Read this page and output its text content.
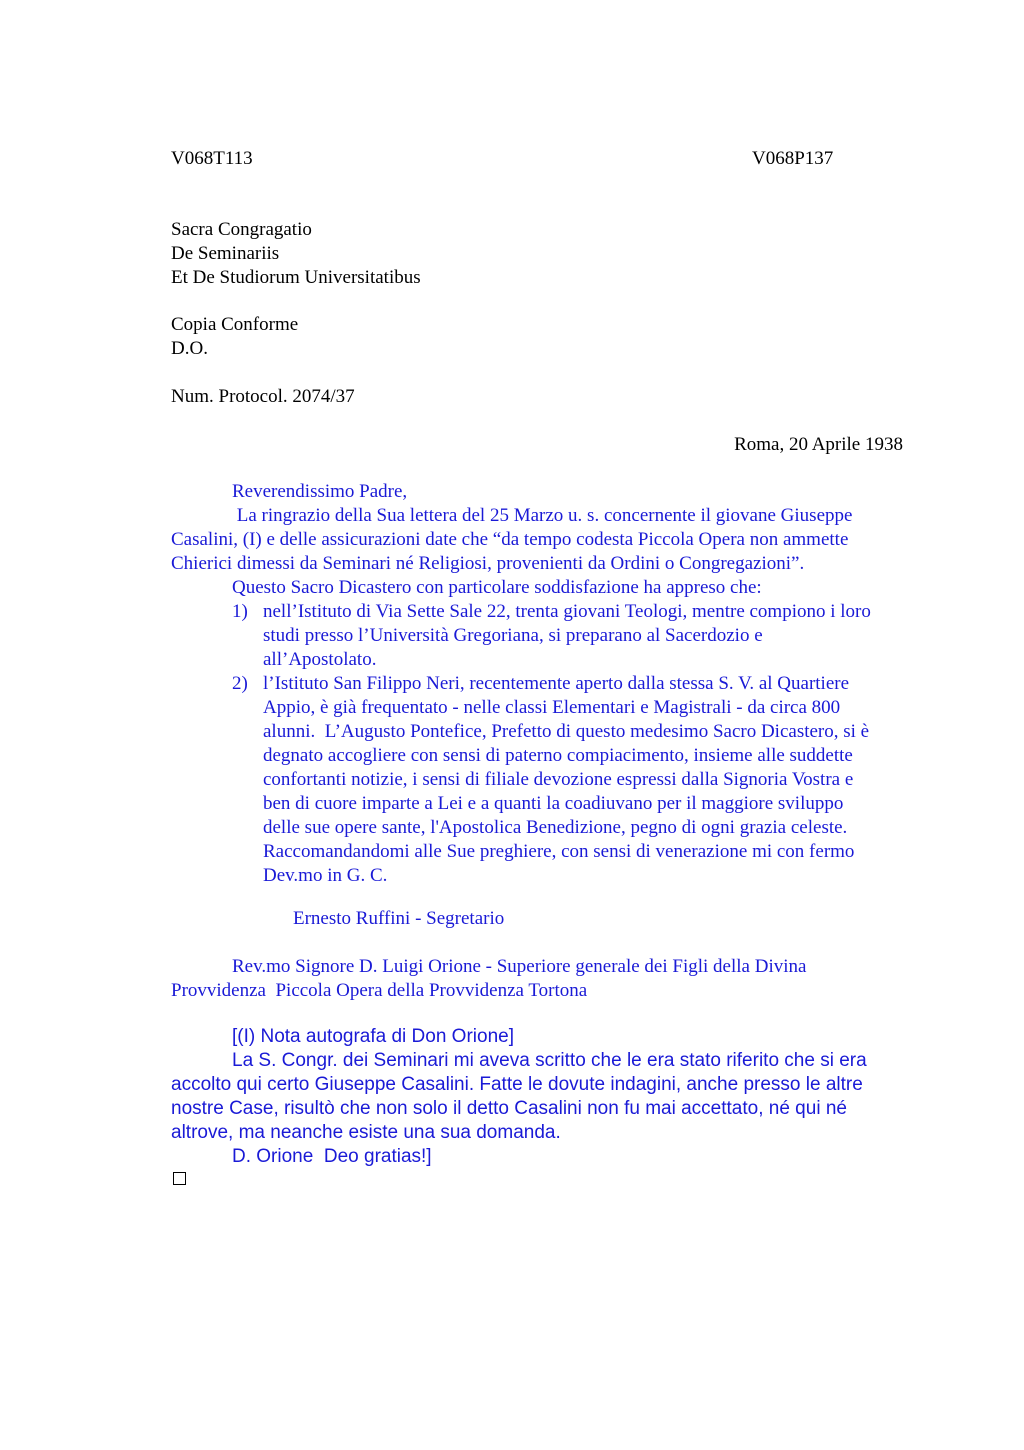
V068T113	V068P137
Sacra Congragatio
De Seminariis
Et De Studiorum Universitatibus
Copia Conforme
D.O.
Num. Protocol. 2074/37
Roma, 20 Aprile 1938
Reverendissimo Padre,
La ringrazio della Sua lettera del 25 Marzo u. s. concernente il giovane Giuseppe
Casalini, (I) e delle assicurazioni date che “da tempo codesta Piccola Opera non ammette
Chierici dimessi da Seminari né Religiosi, provenienti da Ordini o Congregazioni”.
Questo Sacro Dicastero con particolare soddisfazione ha appreso che:
1) nell’Istituto di Via Sette Sale 22, trenta giovani Teologi, mentre compiono i loro
studi presso l’Università Gregoriana, si preparano al Sacerdozio e
all’Apostolato.
2) l’Istituto San Filippo Neri, recentemente aperto dalla stessa S. V. al Quartiere
Appio, è già frequentato - nelle classi Elementari e Magistrali - da circa 800
alunni.  L’Augusto Pontefice, Prefetto di questo medesimo Sacro Dicastero, si è
degnato accogliere con sensi di paterno compiacimento, insieme alle suddette
confortanti notizie, i sensi di filiale devozione espressi dalla Signoria Vostra e
ben di cuore imparte a Lei e a quanti la coadiuvano per il maggiore sviluppo
delle sue opere sante, l'Apostolica Benedizione, pegno di ogni grazia celeste.
Raccomandandomi alle Sue preghiere, con sensi di venerazione mi con fermo
Dev.mo in G. C.
Ernesto Ruffini - Segretario
Rev.mo Signore D. Luigi Orione - Superiore generale dei Figli della Divina
Provvidenza  Piccola Opera della Provvidenza Tortona
[(I) Nota autografa di Don Orione]
La S. Congr. dei Seminari mi aveva scritto che le era stato riferito che si era
accolto qui certo Giuseppe Casalini. Fatte le dovute indagini, anche presso le altre
nostre Case, risultò che non solo il detto Casalini non fu mai accettato, né qui né
altrove, ma neanche esiste una sua domanda.
D. Orione  Deo gratias!]
